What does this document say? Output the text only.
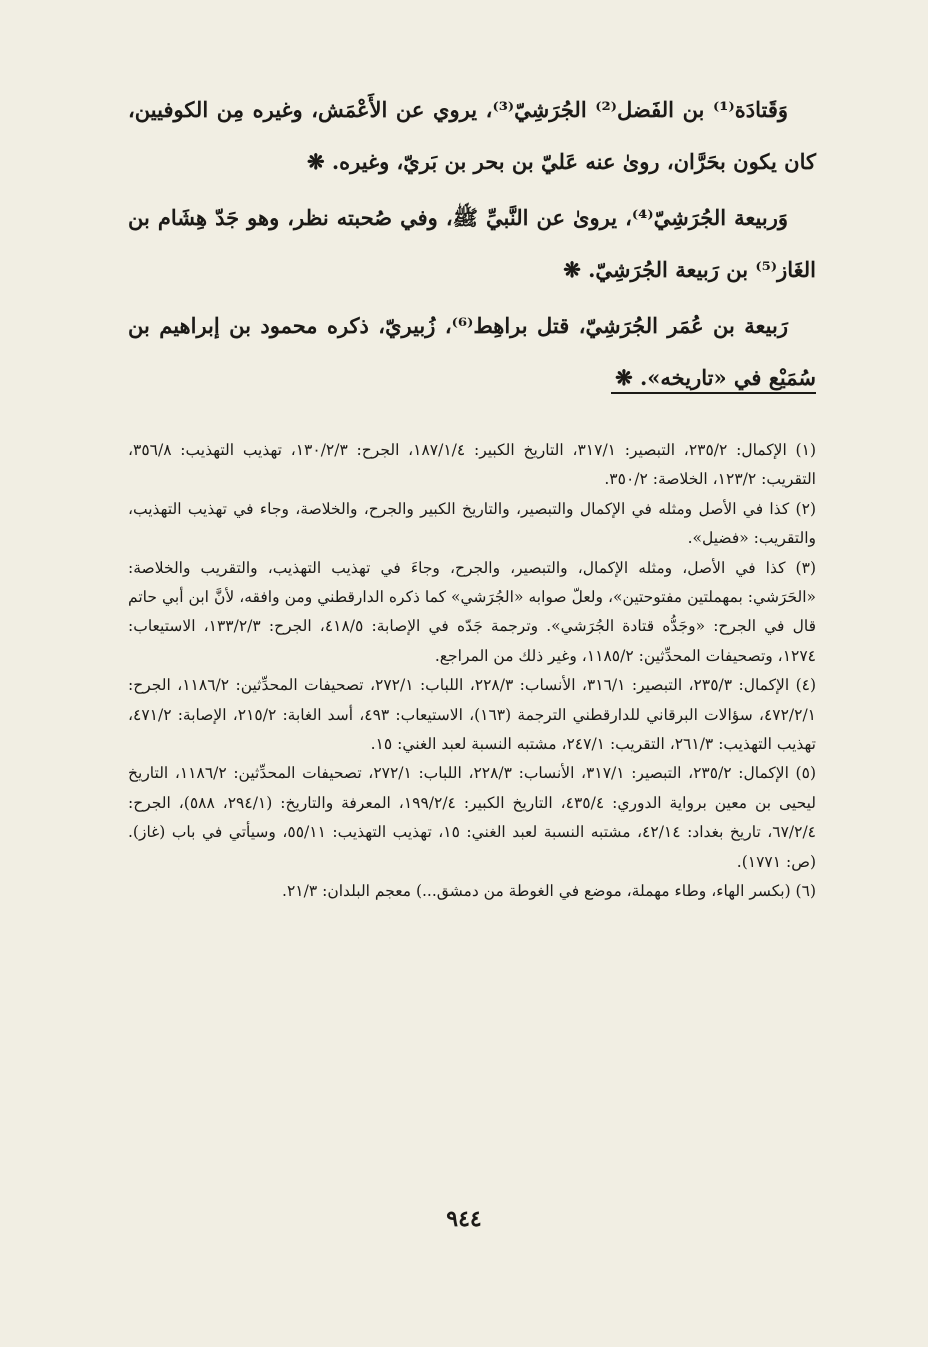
وَقَتادَة⁽¹⁾ بن الفَضل⁽²⁾ الجُرَشِيّ⁽³⁾، يروي عن الأَعْمَش، وغيره مِن الكوفيين، كان يكون بحَرَّان، روىٰ عنه عَليّ بن بحر بن بَريّ، وغيره. ❋

وَربيعة الجُرَشِيّ⁽⁴⁾، يروىٰ عن النَّبيِّ ﷺ، وفي صُحبته نظر، وهو جَدّ هِشَام بن الغَاز⁽⁵⁾ بن رَبيعة الجُرَشِيّ. ❋

رَبيعة بن عُمَر الجُرَشِيّ، قتل براهِط⁽⁶⁾، زُبيريّ، ذكره محمود بن إبراهيم بن سُمَيْع في «تاريخه». ❋

(١) الإكمال: ٢٣٥/٢، التبصير: ٣١٧/١، التاريخ الكبير: ١٨٧/١/٤، الجرح: ١٣٠/٢/٣، تهذيب التهذيب: ٣٥٦/٨، التقريب: ١٢٣/٢، الخلاصة: ٣٥٠/٢.

(٢) كذا في الأصل ومثله في الإكمال والتبصير، والتاريخ الكبير والجرح، والخلاصة، وجاء في تهذيب التهذيب، والتقريب: «فضيل».

(٣) كذا في الأصل، ومثله الإكمال، والتبصير، والجرح، وجاءَ في تهذيب التهذيب، والتقريب والخلاصة: «الحَرَشي: بمهملتين مفتوحتين»، ولعلّ صوابه «الجُرَشي» كما ذكره الدارقطني ومن وافقه، لأنَّ ابن أبي حاتم قال في الجرح: «وجَدُّه قتادة الجُرَشي». وترجمة جَدّه في الإصابة: ٤١٨/٥، الجرح: ١٣٣/٢/٣، الاستيعاب: ١٢٧٤، وتصحيفات المحدِّثين: ١١٨٥/٢، وغير ذلك من المراجع.

(٤) الإكمال: ٢٣٥/٣، التبصير: ٣١٦/١، الأنساب: ٢٢٨/٣، اللباب: ٢٧٢/١، تصحيفات المحدِّثين: ١١٨٦/٢، الجرح: ٤٧٢/٢/١، سؤالات البرقاني للدارقطني الترجمة (١٦٣)، الاستيعاب: ٤٩٣، أسد الغابة: ٢١٥/٢، الإصابة: ٤٧١/٢، تهذيب التهذيب: ٢٦١/٣، التقريب: ٢٤٧/١، مشتبه النسبة لعبد الغني: ١٥.

(٥) الإكمال: ٢٣٥/٢، التبصير: ٣١٧/١، الأنساب: ٢٢٨/٣، اللباب: ٢٧٢/١، تصحيفات المحدِّثين: ١١٨٦/٢، التاريخ ليحيى بن معين برواية الدوري: ٤٣٥/٤، التاريخ الكبير: ١٩٩/٢/٤، المعرفة والتاريخ: (٢٩٤/١، ٥٨٨)، الجرح: ٦٧/٢/٤، تاريخ بغداد: ٤٢/١٤، مشتبه النسبة لعبد الغني: ١٥، تهذيب التهذيب: ٥٥/١١، وسيأتي في باب (غاز). (ص: ١٧٧١).

(٦) (بكسر الهاء، وطاء مهملة، موضع في الغوطة من دمشق...) معجم البلدان: ٢١/٣.

٩٤٤
